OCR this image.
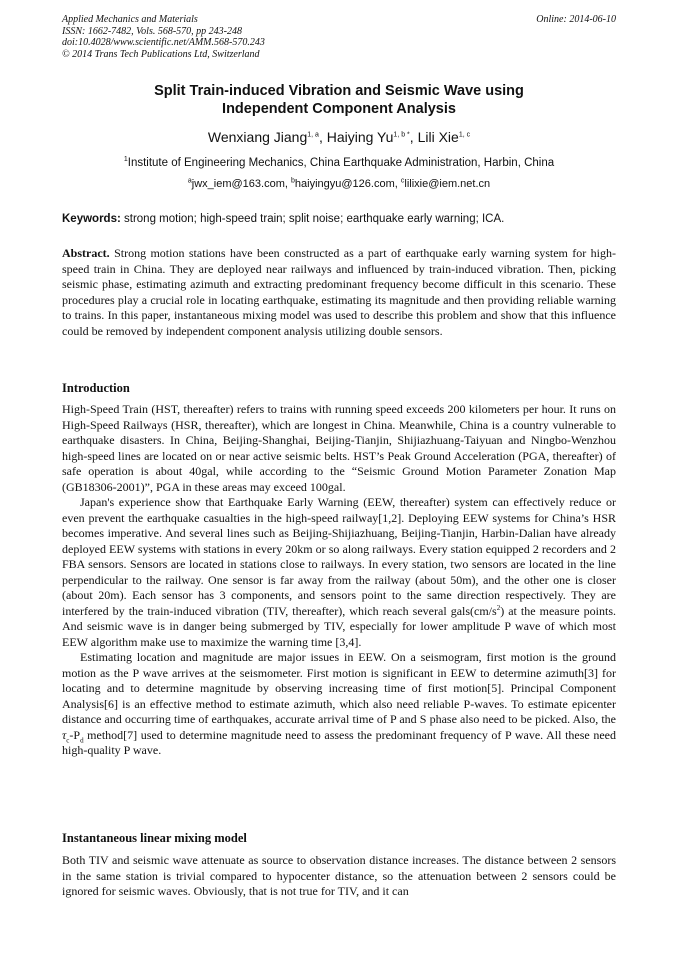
Applied Mechanics and Materials
ISSN: 1662-7482, Vols. 568-570, pp 243-248
doi:10.4028/www.scientific.net/AMM.568-570.243
© 2014 Trans Tech Publications Ltd, Switzerland
Online: 2014-06-10
Split Train-induced Vibration and Seismic Wave using
Independent Component Analysis
Wenxiang Jiang$^{1, a}$, Haiying $Yu^{1, b *}$, Lili Xie$^{1, c}$
$^1$Institute of Engineering Mechanics, China Earthquake Administration, Harbin, China
$^a$jwx_iem@163.com, $^b$haiyingyu@126.com, $^c$lilixie@iem.net.cn
Keywords: strong motion; high-speed train; split noise; earthquake early warning; ICA.

Abstract. Strong motion stations have been constructed as a part of earthquake early warning system for high-speed train in China. They are deployed near railways and influenced by train-induced vibration. Then, picking seismic phase, estimating azimuth and extracting predominant frequency become difficult in this scenario. These procedures play a crucial role in locating earthquake, estimating its magnitude and then providing reliable warning to trains. In this paper, instantaneous mixing model was used to describe this problem and show that this influence could be removed by independent component analysis utilizing double sensors.

Introduction

High-Speed Train (HST, thereafter) refers to trains with running speed exceeds 200 kilometers per hour. It runs on High-Speed Railways (HSR, thereafter), which are longest in China. Meanwhile, China is a country vulnerable to earthquake disasters. In China, Beijing-Shanghai, Beijing-Tianjin, Shijiazhuang-Taiyuan and Ningbo-Wenzhou high-speed lines are located on or near active seismic belts. HST’s Peak Ground Acceleration (PGA, thereafter) of safe operation is about 40gal, while according to the “Seismic Ground Motion Parameter Zonation Map (GB18306-2001)”, PGA in these areas may exceed 100gal.

Japan's experience show that Earthquake Early Warning (EEW, thereafter) system can effectively reduce or even prevent the earthquake casualties in the high-speed railway[1,2]. Deploying EEW systems for China’s HSR becomes imperative. And several lines such as Beijing-Shijiazhuang, Beijing-Tianjin, Harbin-Dalian have already deployed EEW systems with stations in every 20km or so along railways. Every station equipped 2 recorders and 2 FBA sensors. Sensors are located in stations close to railways. In every station, two sensors are located in the line perpendicular to the railway. One sensor is far away from the railway (about 50m), and the other one is closer (about 20m). Each sensor has 3 components, and sensors point to the same direction respectively. They are interfered by the train-induced vibration (TIV, thereafter), which reach several $gals(cm/s^2)$ at the measure points. And seismic wave is in danger being submerged by TIV, especially for lower amplitude P wave of which most EEW algorithm make use to maximize the warning time [3,4].

Estimating location and magnitude are major issues in EEW. On a seismogram, first motion is the ground motion as the P wave arrives at the seismometer. First motion is significant in EEW to determine azimuth[3] for locating and to determine magnitude by observing increasing time of first motion[5]. Principal Component Analysis[6] is an effective method to estimate azimuth, which also need reliable P-waves. To estimate epicenter distance and occurring time of earthquakes, accurate arrival time of P and S phase also need to be picked. Also, the $\tau_c-P_d$ method[7] used to determine magnitude need to assess the predominant frequency of P wave. All these need high-quality P wave.

Instantaneous linear mixing model

Both TIV and seismic wave attenuate as source to observation distance increases. The distance between 2 sensors in the same station is trivial compared to hypocenter distance, so the attenuation between 2 sensors could be ignored for seismic waves. Obviously, that is not true for TIV, and it can
